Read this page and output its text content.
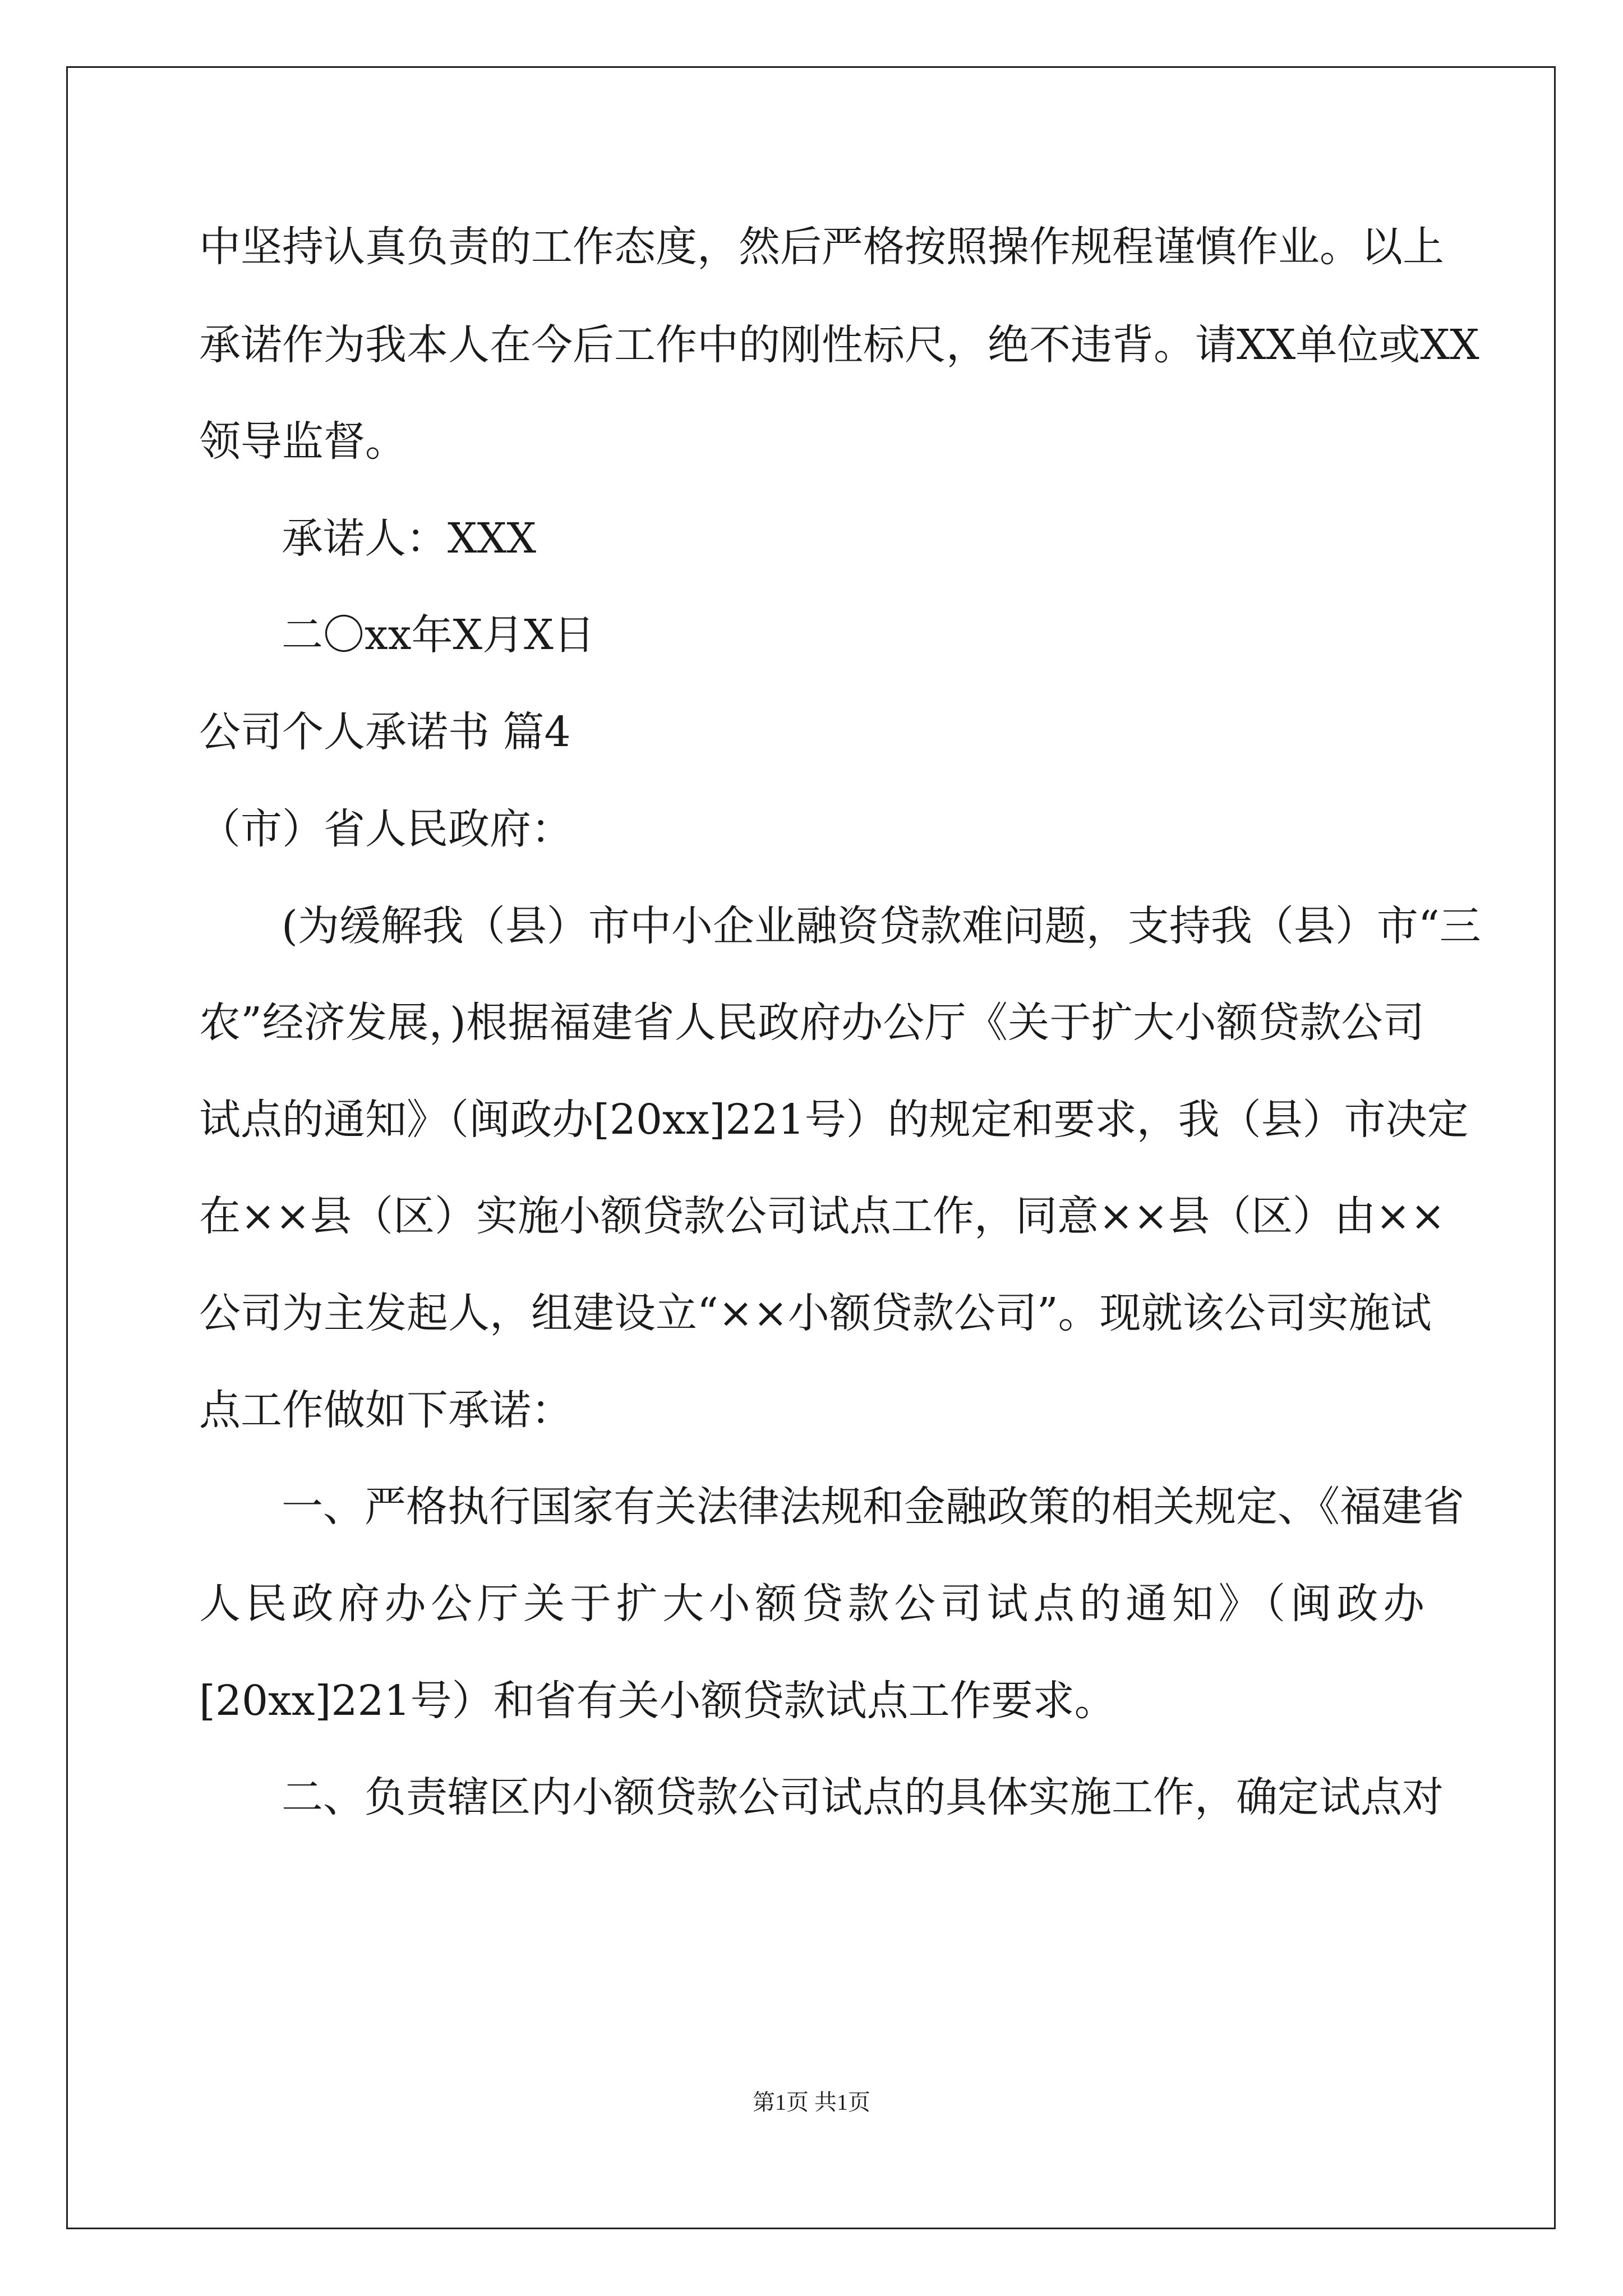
中坚持认真负责的工作态度，然后严格按照操作规程谨慎作业。以上

承诺作为我本人在今后工作中的刚性标尺，绝不违背。请XX单位或XX

领导监督。

承诺人：XXX

二〇xx年X月X日

公司个人承诺书 篇4

（市）省人民政府：

(为缓解我（县）市中小企业融资贷款难问题，支持我（县）市“三

农”经济发展，)根据福建省人民政府办公厅《关于扩大小额贷款公司

试点的通知》（闽政办[20xx]221号）的规定和要求，我（县）市决定

在××县（区）实施小额贷款公司试点工作，同意××县（区）由××

公司为主发起人，组建设立“××小额贷款公司”。现就该公司实施试

点工作做如下承诺：

一、严格执行国家有关法律法规和金融政策的相关规定、《福建省

人民政府办公厅关于扩大小额贷款公司试点的通知》（闽政办

[20xx]221号）和省有关小额贷款试点工作要求。

二、负责辖区内小额贷款公司试点的具体实施工作，确定试点对

第1页 共1页
